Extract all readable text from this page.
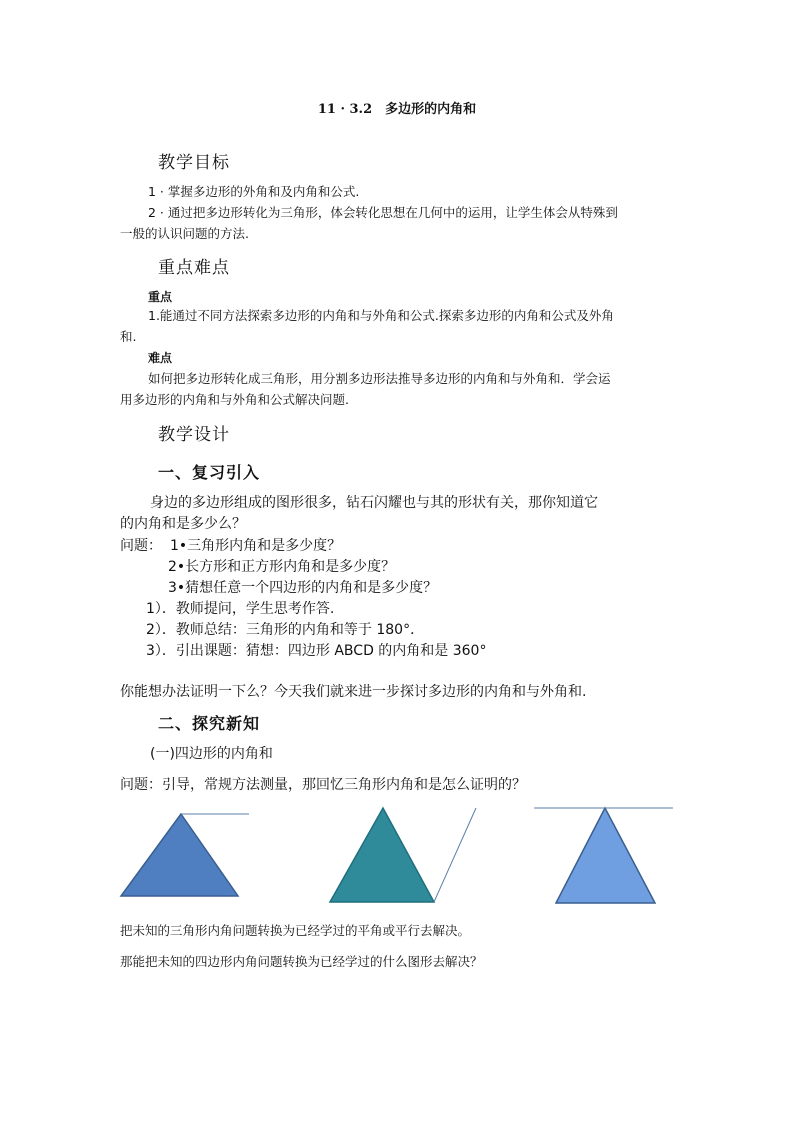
11 · 3.2　多边形的内角和
教学目标
1 · 掌握多边形的外角和及内角和公式.
2 · 通过把多边形转化为三角形，体会转化思想在几何中的运用，让学生体会从特殊到
一般的认识问题的方法.
重点难点
重点
1.能通过不同方法探索多边形的内角和与外角和公式.探索多边形的内角和公式及外角
和.
难点
如何把多边形转化成三角形，用分割多边形法推导多边形的内角和与外角和．学会运
用多边形的内角和与外角和公式解决问题.
教学设计
一、复习引入
身边的多边形组成的图形很多，钻石闪耀也与其的形状有关，那你知道它
的内角和是多少么？
问题： 1•三角形内角和是多少度？
2•长方形和正方形内角和是多少度？
3•猜想任意一个四边形的内角和是多少度？
1）．教师提问，学生思考作答.
2）．教师总结：三角形的内角和等于 180°．
3）．引出课题：猜想：四边形 ABCD 的内角和是 360°
你能想办法证明一下么？今天我们就来进一步探讨多边形的内角和与外角和.
二、探究新知
(一)四边形的内角和
问题：引导，常规方法测量，那回忆三角形内角和是怎么证明的？
把未知的三角形内角问题转换为已经学过的平角或平行去解决。
那能把未知的四边形内角问题转换为已经学过的什么图形去解决？
